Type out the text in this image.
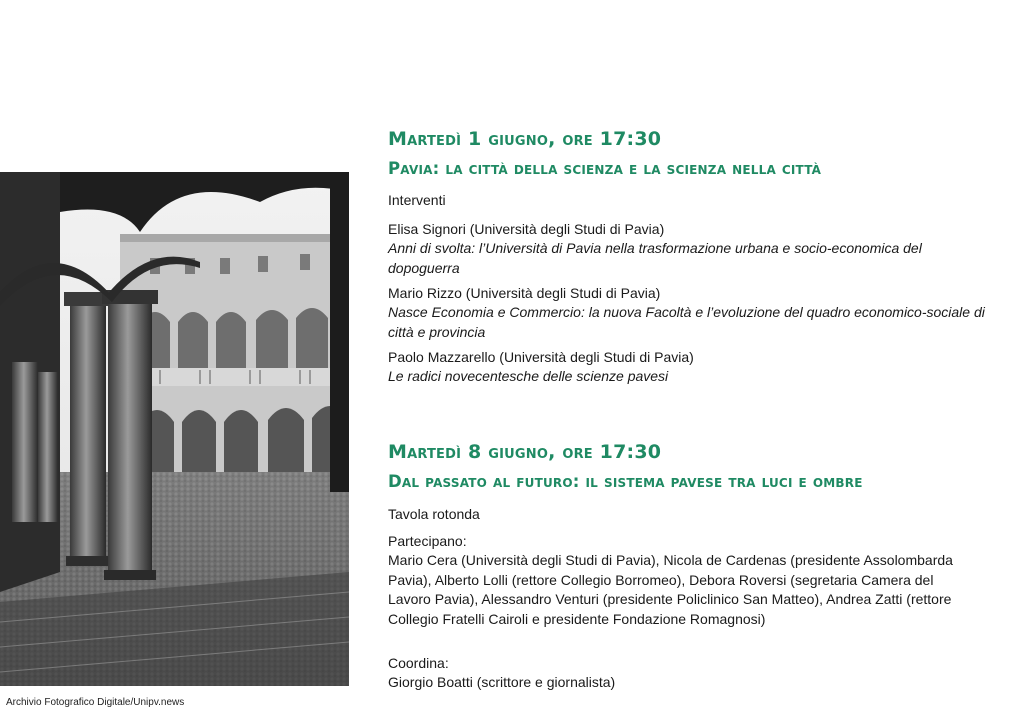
Archivio Fotografico Digitale/Unipv.news
Martedì 1 giugno, ore 17:30
Pavia: la città della scienza e la scienza nella città
Interventi
Elisa Signori (Università degli Studi di Pavia)
Anni di svolta: l’Università di Pavia nella trasformazione urbana e socio-economica del dopoguerra
Mario Rizzo (Università degli Studi di Pavia)
Nasce Economia e Commercio: la nuova Facoltà e l’evoluzione del quadro economico-sociale di città e provincia
Paolo Mazzarello (Università degli Studi di Pavia)
Le radici novecentesche delle scienze pavesi
Martedì 8 giugno, ore 17:30
Dal passato al futuro: il sistema pavese tra luci e ombre
Tavola rotonda
Partecipano:
Mario Cera (Università degli Studi di Pavia), Nicola de Cardenas (presidente Assolombarda Pavia), Alberto Lolli (rettore Collegio Borromeo), Debora Roversi (segretaria Camera del Lavoro Pavia), Alessandro Venturi (presidente Policlinico San Matteo), Andrea Zatti (rettore Collegio Fratelli Cairoli e presidente Fondazione Romagnosi)
Coordina:
Giorgio Boatti (scrittore e giornalista)
